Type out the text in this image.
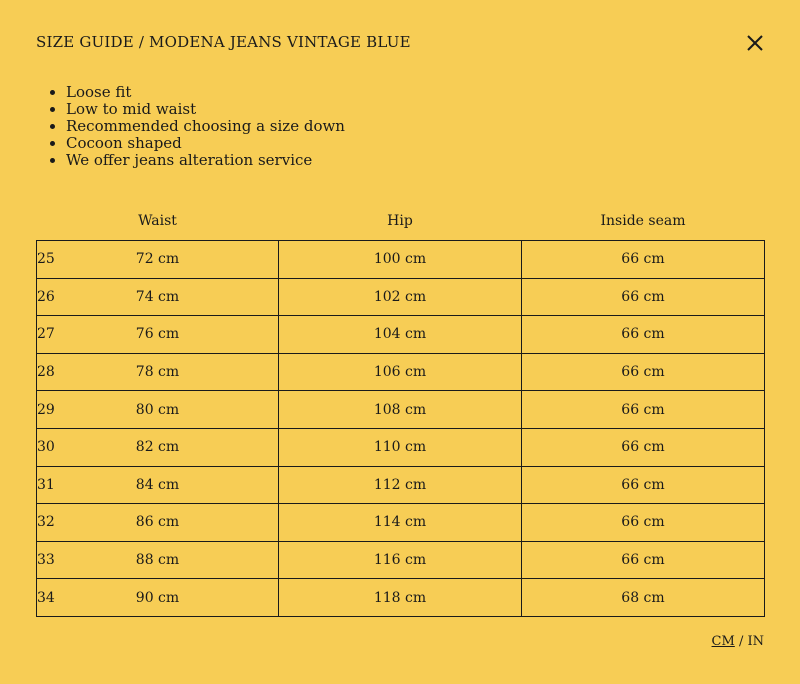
SIZE GUIDE / MODENA JEANS VINTAGE BLUE
• Loose fit
• Low to mid waist
• Recommended choosing a size down
• Cocoon shaped
• We offer jeans alteration service
Waist	Hip	Inside seam

25 72 cm	100 cm	66 cm

26 74 cm	102 cm	66 cm

27 76 cm	104 cm	66 cm

28 78 cm	106 cm	66 cm

29 80 cm	108 cm	66 cm

30 82 cm	110 cm	66 cm

31 84 cm	112 cm	66 cm

32 86 cm	114 cm	66 cm

33 88 cm	116 cm	66 cm

34 90 cm	118 cm	68 cm
CM / IN
